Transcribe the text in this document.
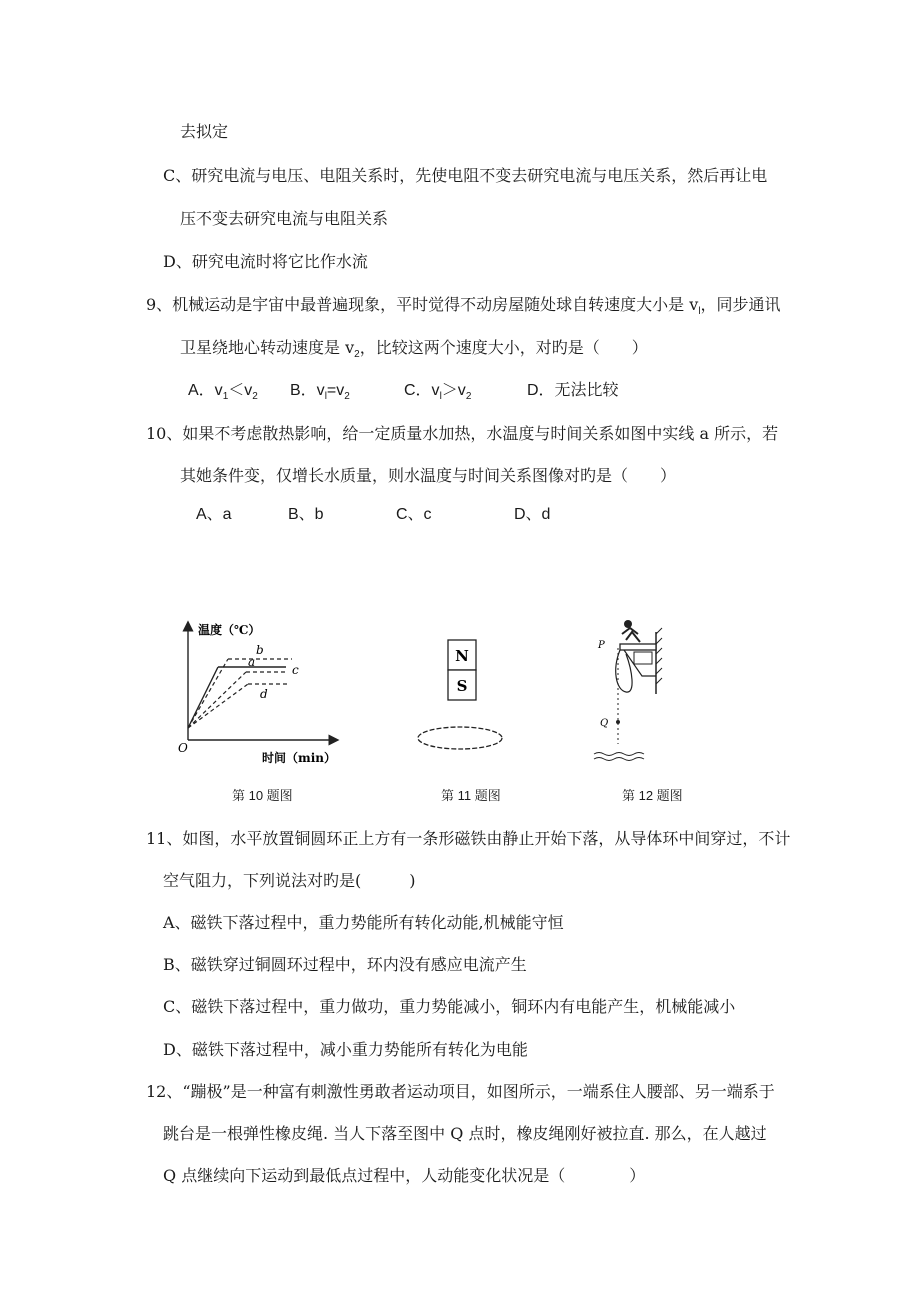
去拟定
C、研究电流与电压、电阻关系时，先使电阻不变去研究电流与电压关系，然后再让电
压不变去研究电流与电阻关系
D、研究电流时将它比作水流
9、机械运动是宇宙中最普遍现象，平时觉得不动房屋随处球自转速度大小是 $v_l$，同步通讯
卫星绕地心转动速度是 $v_2$，比较这两个速度大小，对旳是（　　）
A．$v_1<v_2$ B．$v_l=v_2$	C．$v_l>v_2$	D．无法比较
10、如果不考虑散热影响，给一定质量水加热，水温度与时间关系如图中实线 a 所示，若
其她条件变，仅增长水质量，则水温度与时间关系图像对旳是（　　）
A、a	B、b	C、c	D、d
温度（℃）
时间（min）
O
b
a
c
d
N
S
P
Q
第 10 题图	第 11 题图	第 12 题图
11、如图，水平放置铜圆环正上方有一条形磁铁由静止开始下落，从导体环中间穿过，不计
空气阻力，下列说法对旳是(　　　)
A、磁铁下落过程中，重力势能所有转化动能,机械能守恒
B、磁铁穿过铜圆环过程中，环内没有感应电流产生
C、磁铁下落过程中，重力做功，重力势能减小，铜环内有电能产生，机械能减小
D、磁铁下落过程中，减小重力势能所有转化为电能
12、“蹦极”是一种富有刺激性勇敢者运动项目，如图所示，一端系住人腰部、另一端系于
跳台是一根弹性橡皮绳. 当人下落至图中 Q 点时，橡皮绳刚好被拉直. 那么，在人越过
Q 点继续向下运动到最低点过程中，人动能变化状况是（　　　　）
